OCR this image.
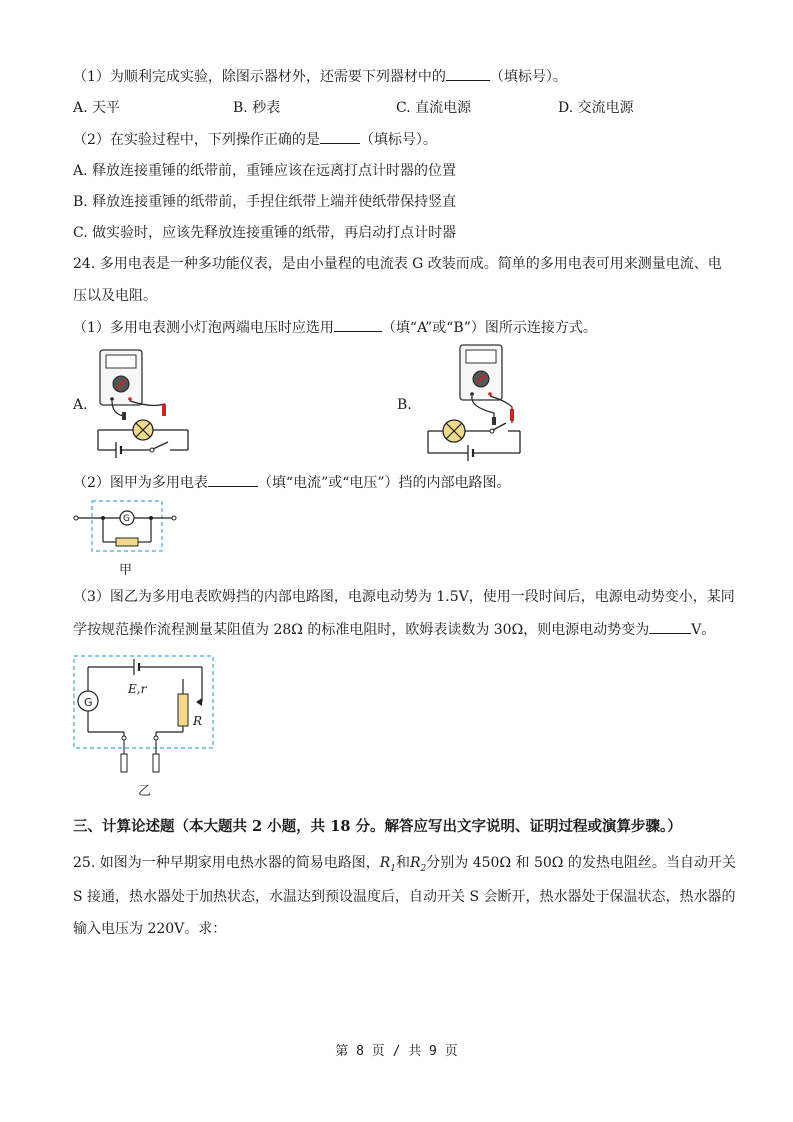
（1）为顺利完成实验，除图示器材外，还需要下列器材中的	（填标号）。
A. 天平	B. 秒表	C. 直流电源	D. 交流电源
（2）在实验过程中，下列操作正确的是	（填标号）。
A. 释放连接重锤的纸带前，重锤应该在远离打点计时器的位置
B. 释放连接重锤的纸带前，手捏住纸带上端并使纸带保持竖直
C. 做实验时，应该先释放连接重锤的纸带，再启动打点计时器
24. 多用电表是一种多功能仪表，是由小量程的电流表 G 改装而成。简单的多用电表可用来测量电流、电
压以及电阻。
（1）多用电表测小灯泡两端电压时应选用	（填“A”或“B”）图所示连接方式。
A.	B.
（2）图甲为多用电表	（填“电流”或“电压”）挡的内部电路图。
G
甲
（3）图乙为多用电表欧姆挡的内部电路图，电源电动势为 1.5V，使用一段时间后，电源电动势变小，某同
学按规范操作流程测量某阻值为 28Ω 的标准电阻时，欧姆表读数为 30Ω，则电源电动势变为	V。
G
E,r
R
乙
三、计算论述题（本大题共 2 小题，共 18 分。解答应写出文字说明、证明过程或演算步骤。）
25. 如图为一种早期家用电热水器的简易电路图，$R_1$和$R_2$分别为 450Ω 和 50Ω 的发热电阻丝。当自动开关
S 接通，热水器处于加热状态，水温达到预设温度后，自动开关 S 会断开，热水器处于保温状态，热水器的
输入电压为 220V。求：
第 8 页 / 共 9 页
